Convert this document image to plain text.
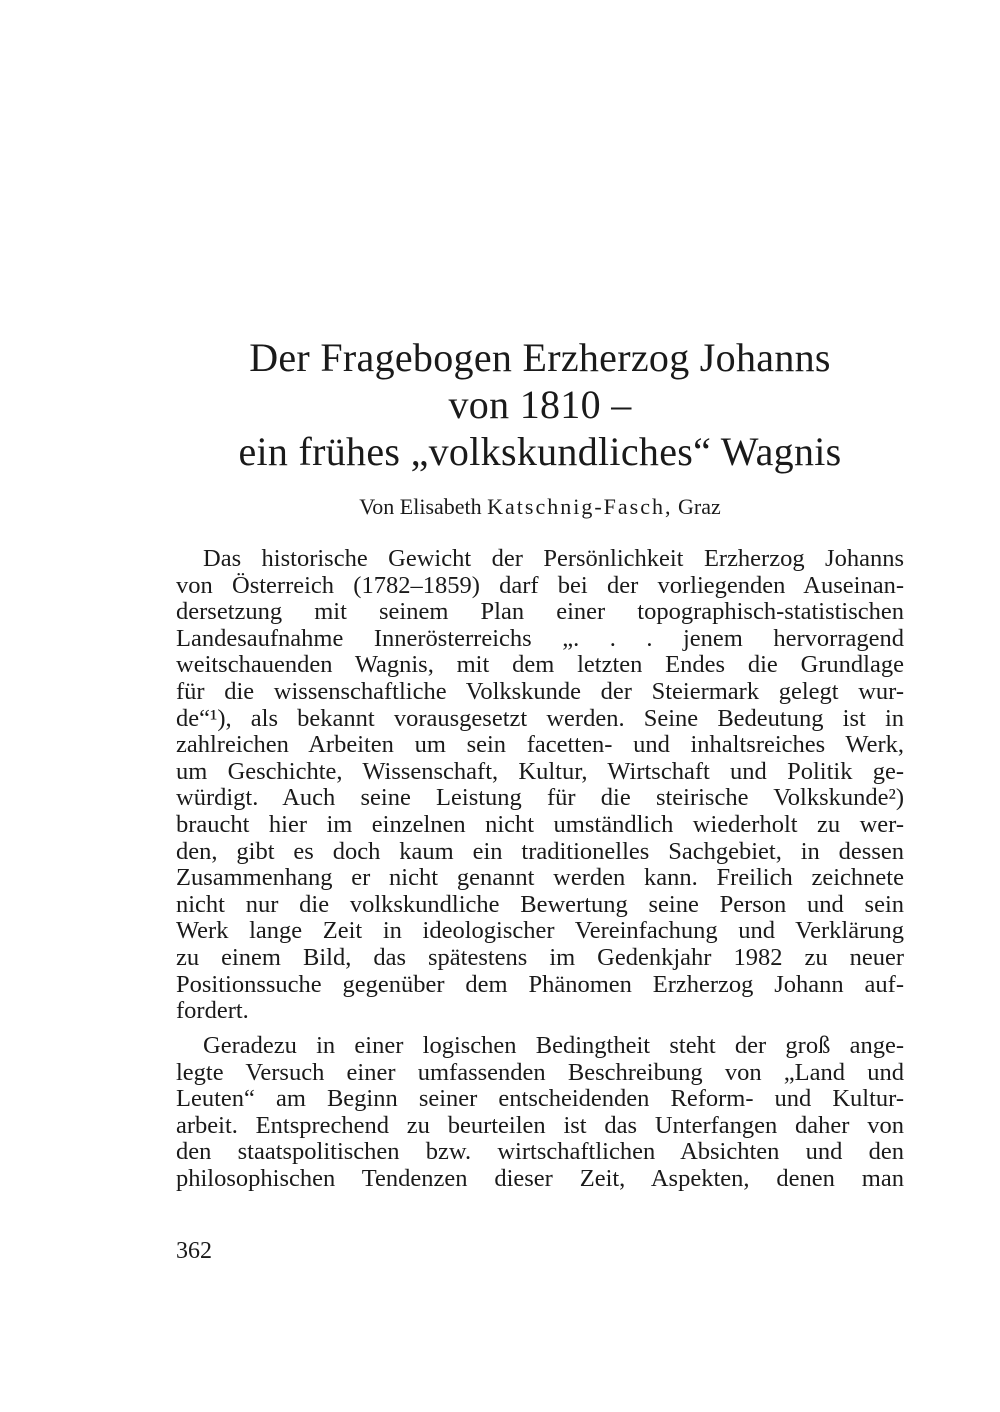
Der Fragebogen Erzherzog Johanns
von 1810 –
ein frühes „volkskundliches“ Wagnis
Von Elisabeth Katschnig-Fasch, Graz
Das historische Gewicht der Persönlichkeit Erzherzog Johanns
von Österreich (1782–1859) darf bei der vorliegenden Auseinan-
dersetzung mit seinem Plan einer topographisch-statistischen
Landesaufnahme Innerösterreichs „. . . jenem hervorragend
weitschauenden Wagnis, mit dem letzten Endes die Grundlage
für die wissenschaftliche Volkskunde der Steiermark gelegt wur-
de“¹), als bekannt vorausgesetzt werden. Seine Bedeutung ist in
zahlreichen Arbeiten um sein facetten- und inhaltsreiches Werk,
um Geschichte, Wissenschaft, Kultur, Wirtschaft und Politik ge-
würdigt. Auch seine Leistung für die steirische Volkskunde²)
braucht hier im einzelnen nicht umständlich wiederholt zu wer-
den, gibt es doch kaum ein traditionelles Sachgebiet, in dessen
Zusammenhang er nicht genannt werden kann. Freilich zeichnete
nicht nur die volkskundliche Bewertung seine Person und sein
Werk lange Zeit in ideologischer Vereinfachung und Verklärung
zu einem Bild, das spätestens im Gedenkjahr 1982 zu neuer
Positionssuche gegenüber dem Phänomen Erzherzog Johann auf-
fordert.
Geradezu in einer logischen Bedingtheit steht der groß ange-
legte Versuch einer umfassenden Beschreibung von „Land und
Leuten“ am Beginn seiner entscheidenden Reform- und Kultur-
arbeit. Entsprechend zu beurteilen ist das Unterfangen daher von
den staatspolitischen bzw. wirtschaftlichen Absichten und den
philosophischen Tendenzen dieser Zeit, Aspekten, denen man
362
